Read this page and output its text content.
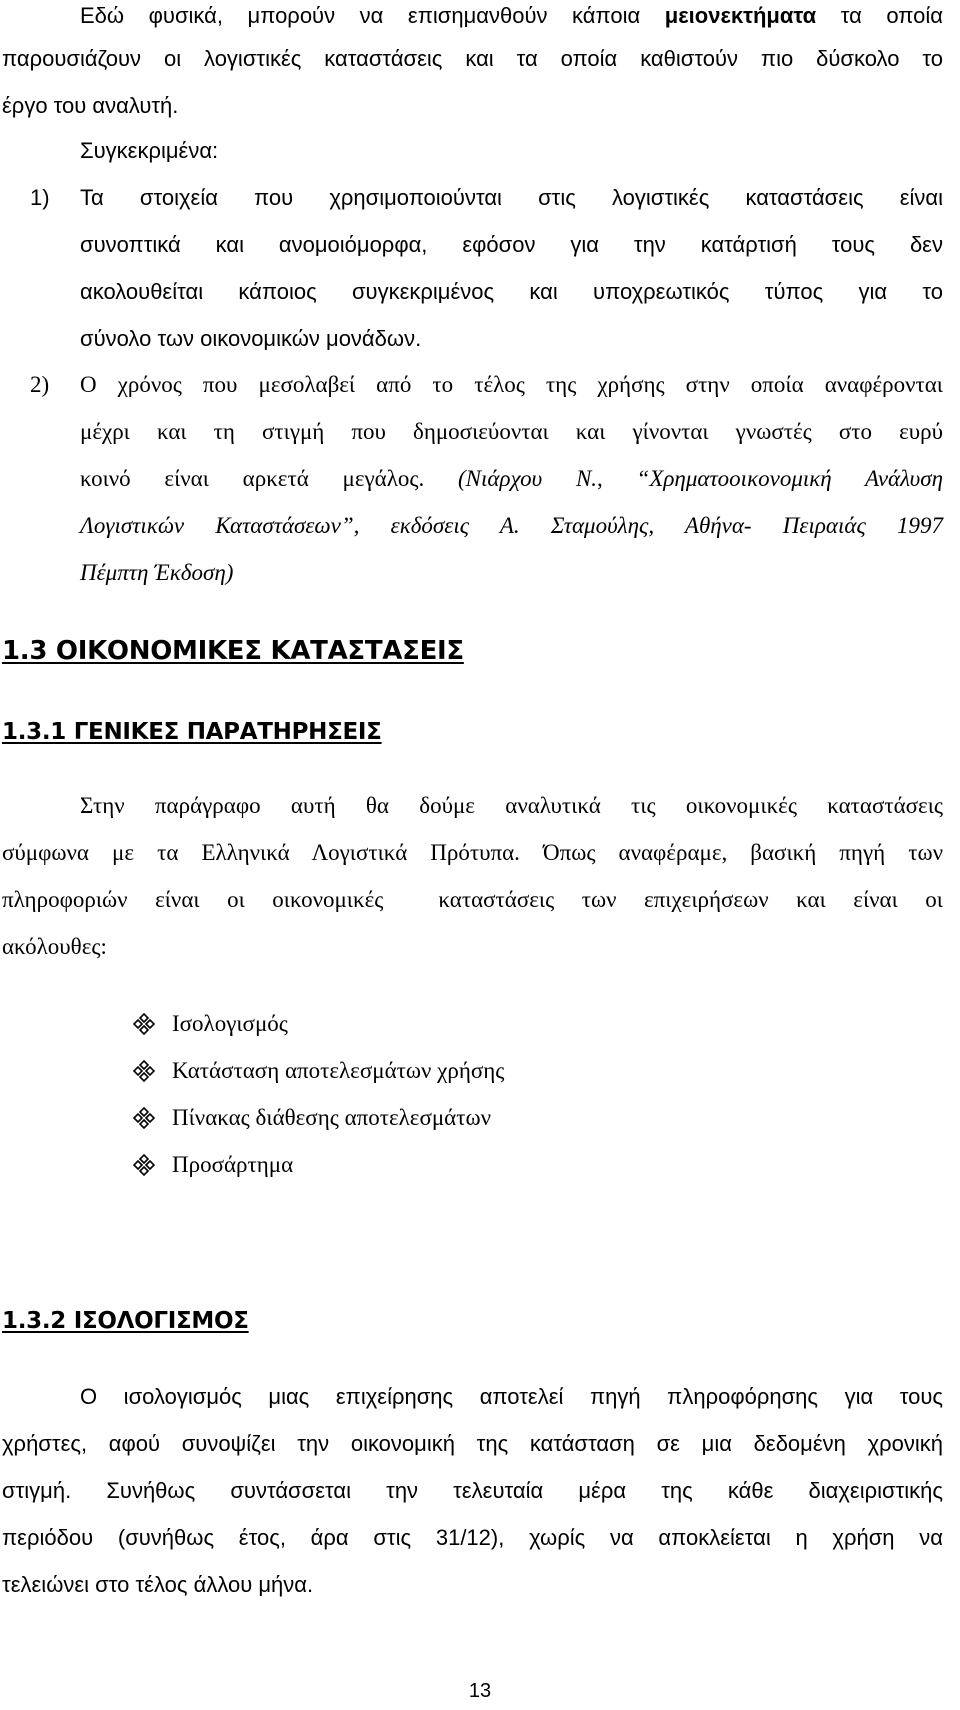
Εδώ φυσικά, μπορούν να επισημανθούν κάποια μειονεκτήματα τα οποία
παρουσιάζουν οι λογιστικές καταστάσεις και τα οποία καθιστούν πιο δύσκολο το
έργο του αναλυτή.
Συγκεκριμένα:
1) Τα στοιχεία που χρησιμοποιούνται στις λογιστικές καταστάσεις είναι
συνοπτικά και ανομοιόμορφα, εφόσον για την κατάρτισή τους δεν
ακολουθείται κάποιος συγκεκριμένος και υποχρεωτικός τύπος για το
σύνολο των οικονομικών μονάδων.
2) Ο χρόνος που μεσολαβεί από το τέλος της χρήσης στην οποία αναφέρονται
μέχρι και τη στιγμή που δημοσιεύονται και γίνονται γνωστές στο ευρύ
κοινό είναι αρκετά μεγάλος. (Νιάρχου Ν., “Χρηματοοικονομική Ανάλυση
Λογιστικών Καταστάσεων”, εκδόσεις Α. Σταμούλης, Αθήνα- Πειραιάς 1997
Πέμπτη Έκδοση)
1.3 ΟΙΚΟΝΟΜΙΚΕΣ ΚΑΤΑΣΤΑΣΕΙΣ
1.3.1 ΓΕΝΙΚΕΣ ΠΑΡΑΤΗΡΗΣΕΙΣ
Στην παράγραφο αυτή θα δούμε αναλυτικά τις οικονομικές καταστάσεις
σύμφωνα με τα Ελληνικά Λογιστικά Πρότυπα. Όπως αναφέραμε, βασική πηγή των
πληροφοριών είναι οι οικονομικές  καταστάσεις των επιχειρήσεων και είναι οι
ακόλουθες:
Ισολογισμός
Κατάσταση αποτελεσμάτων χρήσης
Πίνακας διάθεσης αποτελεσμάτων
Προσάρτημα
1.3.2 ΙΣΟΛΟΓΙΣΜΟΣ
Ο ισολογισμός μιας επιχείρησης αποτελεί πηγή πληροφόρησης για τους
χρήστες, αφού συνοψίζει την οικονομική της κατάσταση σε μια δεδομένη χρονική
στιγμή. Συνήθως συντάσσεται την τελευταία μέρα της κάθε διαχειριστικής
περιόδου (συνήθως έτος, άρα στις 31/12), χωρίς να αποκλείεται η χρήση να
τελειώνει στο τέλος άλλου μήνα.
13
